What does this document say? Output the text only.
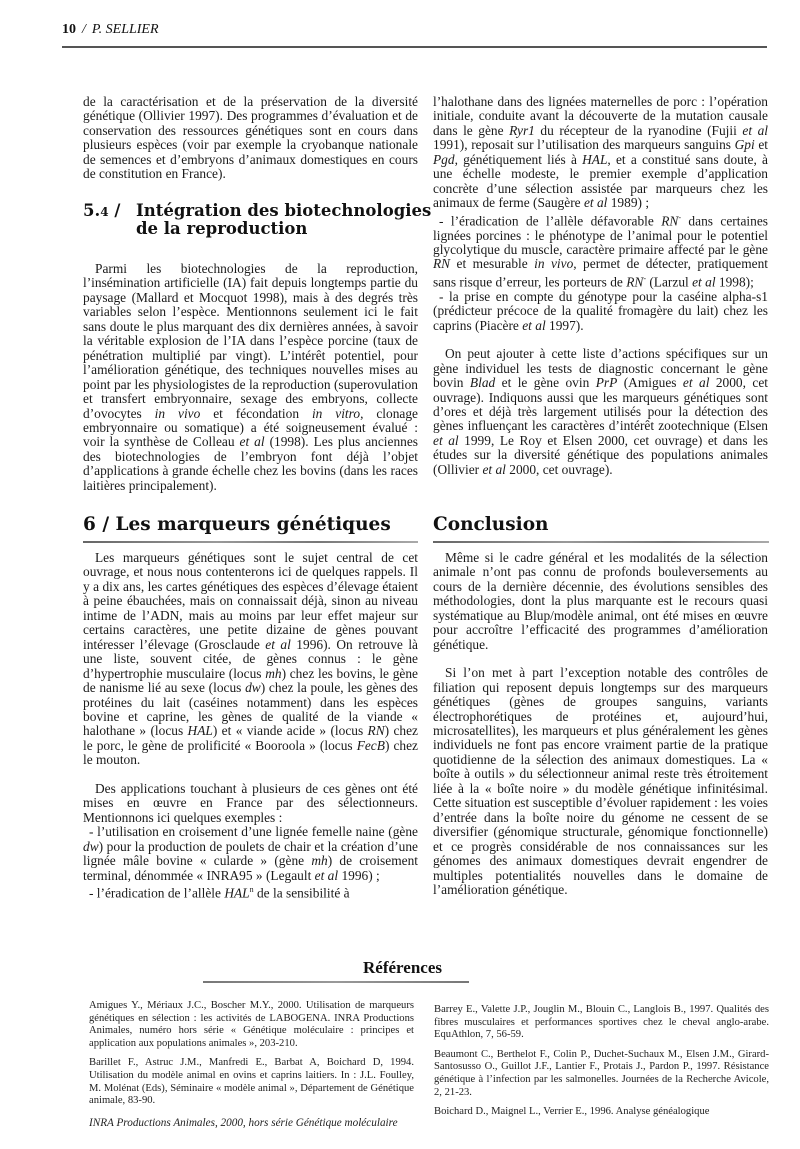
10 / P. SELLIER

de la caractérisation et de la préservation de la diversité génétique (Ollivier 1997). Des programmes d’évaluation et de conservation des ressources génétiques sont en cours dans plusieurs espèces (voir par exemple la cryobanque nationale de semences et d’embryons d’animaux domestiques en cours de constitution en France).

5.4 / Intégration des biotechnologies
de la reproduction

Parmi les biotechnologies de la reproduction, l’insémination artificielle (IA) fait depuis longtemps partie du paysage (Mallard et Mocquot 1998), mais à des degrés très variables selon l’espèce. Mentionnons seulement ici le fait sans doute le plus marquant des dix dernières années, à savoir la véritable explosion de l’IA dans l’espèce porcine (taux de pénétration multiplié par vingt). L’intérêt potentiel, pour l’amélioration génétique, des techniques nouvelles mises au point par les physiologistes de la reproduction (superovulation et transfert embryonnaire, sexage des embryons, collecte d’ovocytes in vivo et fécondation in vitro, clonage embryonnaire ou somatique) a été soigneusement évalué : voir la synthèse de Colleau et al (1998). Les plus anciennes des biotechnologies de l’embryon font déjà l’objet d’applications à grande échelle chez les bovins (dans les races laitières principalement).

6 / Les marqueurs génétiques

Les marqueurs génétiques sont le sujet central de cet ouvrage, et nous nous contenterons ici de quelques rappels. Il y a dix ans, les cartes génétiques des espèces d’élevage étaient à peine ébauchées, mais on connaissait déjà, sinon au niveau intime de l’ADN, mais au moins par leur effet majeur sur certains caractères, une petite dizaine de gènes pouvant intéresser l’élevage (Grosclaude et al 1996). On retrouve là une liste, souvent citée, de gènes connus : le gène d’hypertrophie musculaire (locus mh) chez les bovins, le gène de nanisme lié au sexe (locus dw) chez la poule, les gènes des protéines du lait (caséines notamment) dans les espèces bovine et caprine, les gènes de qualité de la viande « halothane » (locus HAL) et « viande acide » (locus RN) chez le porc, le gène de prolificité « Booroola » (locus FecB) chez le mouton.

Des applications touchant à plusieurs de ces gènes ont été mises en œuvre en France par des sélectionneurs. Mentionnons ici quelques exemples :

- l’utilisation en croisement d’une lignée femelle naine (gène dw) pour la production de poulets de chair et la création d’une lignée mâle bovine « cularde » (gène mh) de croisement terminal, dénommée « INRA95 » (Legault et al 1996) ;

- l’éradication de l’allèle HAL$^n$ de la sensibilité à

l’halothane dans des lignées maternelles de porc : l’opération initiale, conduite avant la découverte de la mutation causale dans le gène Ryr1 du récepteur de la ryanodine (Fujii et al 1991), reposait sur l’utilisation des marqueurs sanguins Gpi et Pgd, génétiquement liés à HAL, et a constitué sans doute, à une échelle modeste, le premier exemple d’application concrète d’une sélection assistée par marqueurs chez les animaux de ferme (Saugère et al 1989) ;

- l’éradication de l’allèle défavorable RN- dans certaines lignées porcines : le phénotype de l’animal pour le potentiel glycolytique du muscle, caractère primaire affecté par le gène RN et mesurable in vivo, permet de détecter, pratiquement sans risque d’erreur, les porteurs de RN- (Larzul et al 1998);

- la prise en compte du génotype pour la caséine alpha-s1 (prédicteur précoce de la qualité fromagère du lait) chez les caprins (Piacère et al 1997).

On peut ajouter à cette liste d’actions spécifiques sur un gène individuel les tests de diagnostic concernant le gène bovin Blad et le gène ovin PrP (Amigues et al 2000, cet ouvrage). Indiquons aussi que les marqueurs génétiques sont d’ores et déjà très largement utilisés pour la détection des gènes influençant les caractères d’intérêt zootechnique (Elsen et al 1999, Le Roy et Elsen 2000, cet ouvrage) et dans les études sur la diversité génétique des populations animales (Ollivier et al 2000, cet ouvrage).

Conclusion

Même si le cadre général et les modalités de la sélection animale n’ont pas connu de profonds bouleversements au cours de la dernière décennie, des évolutions sensibles des méthodologies, dont la plus marquante est le recours quasi systématique au Blup/modèle animal, ont été mises en œuvre pour accroître l’efficacité des programmes d’amélioration génétique.

Si l’on met à part l’exception notable des contrôles de filiation qui reposent depuis longtemps sur des marqueurs génétiques (gènes de groupes sanguins, variants électrophorétiques de protéines et, aujourd’hui, microsatellites), les marqueurs et plus généralement les gènes individuels ne font pas encore vraiment partie de la pratique quotidienne de la sélection des animaux domestiques. La « boîte à outils » du sélectionneur animal reste très étroitement liée à la « boîte noire » du modèle génétique infinitésimal. Cette situation est susceptible d’évoluer rapidement : les voies d’entrée dans la boîte noire du génome ne cessent de se diversifier (génomique structurale, génomique fonctionnelle) et ce progrès considérable de nos connaissances sur les génomes des animaux domestiques devrait engendrer de multiples potentialités nouvelles dans le domaine de l’amélioration génétique.

Références

Amigues Y., Mériaux J.C., Boscher M.Y., 2000. Utilisation de marqueurs génétiques en sélection : les activités de LABOGENA. INRA Productions Animales, numéro hors série « Génétique moléculaire : principes et application aux populations animales », 203-210.

Barillet F., Astruc J.M., Manfredi E., Barbat A, Boichard D, 1994. Utilisation du modèle animal en ovins et caprins laitiers. In : J.L. Foulley, M. Molénat (Eds), Séminaire « modèle animal », Département de Génétique animale, 83-90.

Barrey E., Valette J.P., Jouglin M., Blouin C., Langlois B., 1997. Qualités des fibres musculaires et performances sportives chez le cheval anglo-arabe. EquAthlon, 7, 56-59.

Beaumont C., Berthelot F., Colin P., Duchet-Suchaux M., Elsen J.M., Girard-Santosusso O., Guillot J.F., Lantier F., Protais J., Pardon P., 1997. Résistance génétique à l’infection par les salmonelles. Journées de la Recherche Avicole, 2, 21-23.

Boichard D., Maignel L., Verrier E., 1996. Analyse généalogique

INRA Productions Animales, 2000, hors série Génétique moléculaire
